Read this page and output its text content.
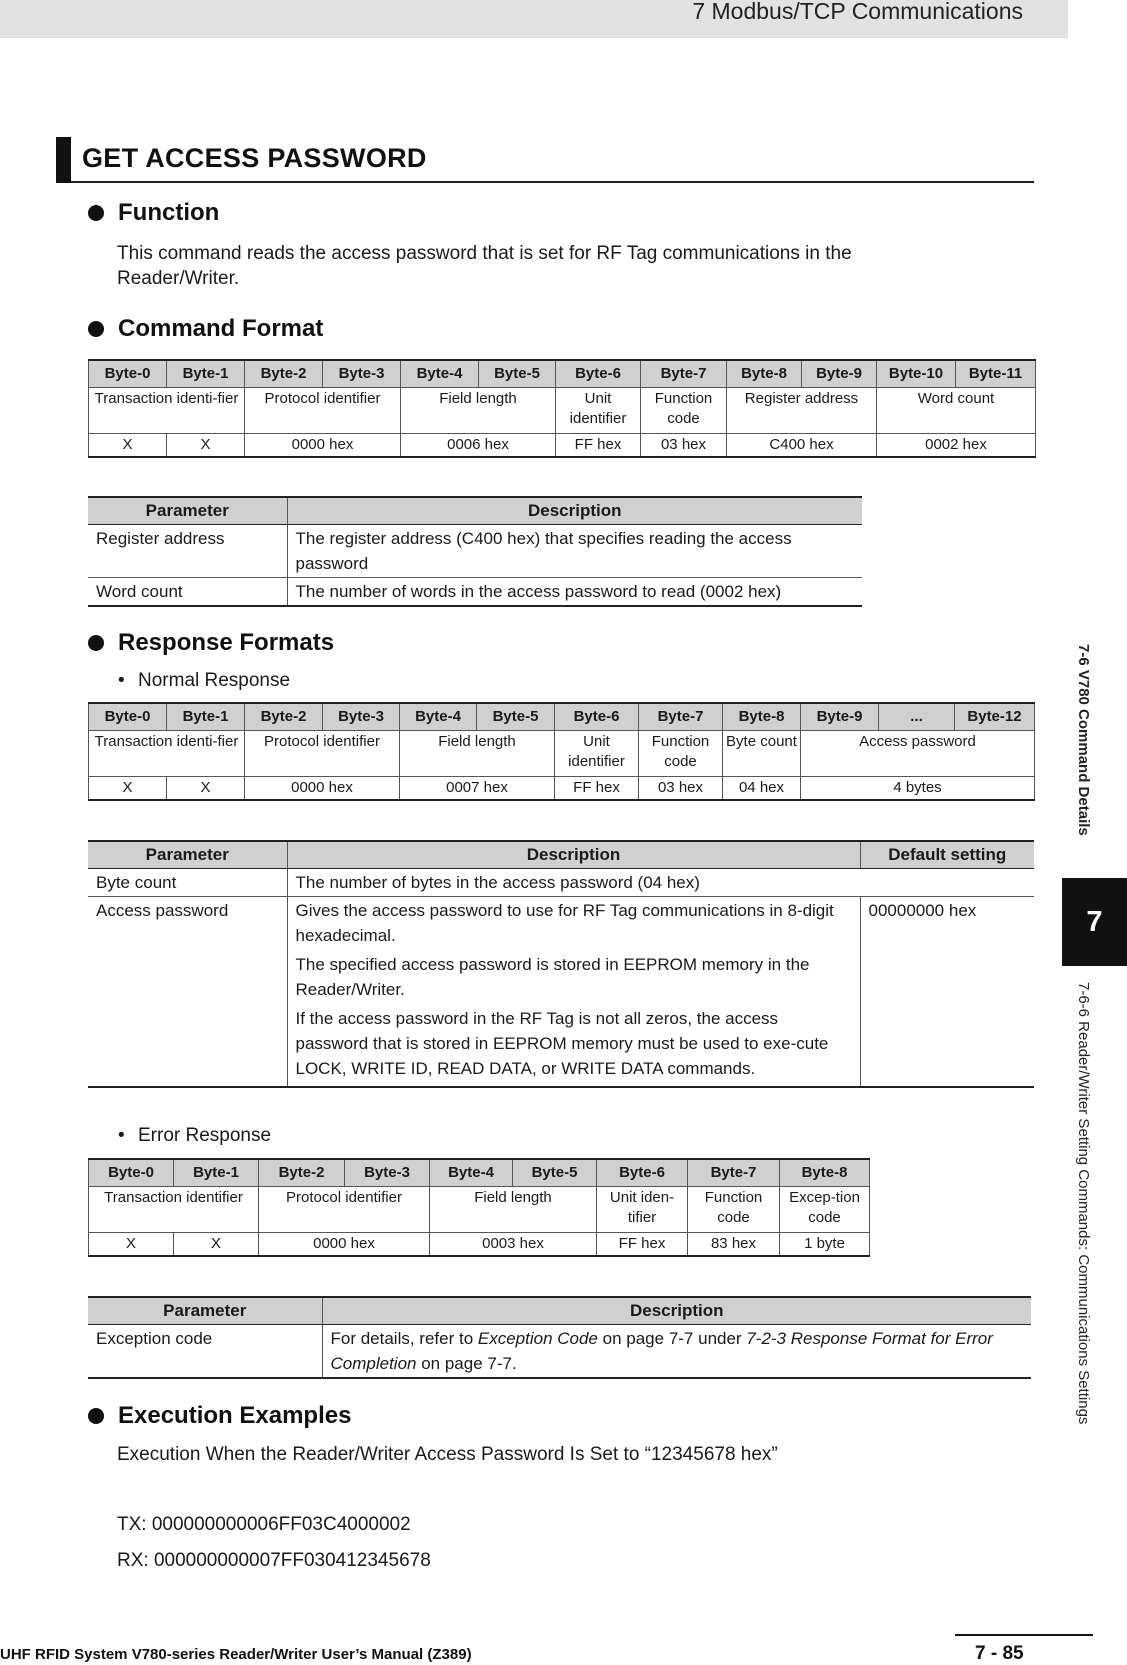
7 Modbus/TCP Communications
GET ACCESS PASSWORD
Function
This command reads the access password that is set for RF Tag communications in the
Reader/Writer.
Command Format
Byte-0	Byte-1	Byte-2	Byte-3	Byte-4	Byte-5	Byte-6	Byte-7	Byte-8	Byte-9	Byte-10	Byte-11
Transaction identi-fier		Protocol identifier		Field length		Unit identifier	Function code	Register address		Word count	
X	X	0000 hex		0006 hex		FF hex	03 hex	C400 hex		0002 hex	
Parameter	Description
Register address	The register address (C400 hex) that specifies reading the access password
Word count	The number of words in the access password to read (0002 hex)
Response Formats
• Normal Response
Byte-0	Byte-1	Byte-2	Byte-3	Byte-4	Byte-5	Byte-6	Byte-7	Byte-8	Byte-9	...	Byte-12
Transaction identi-fier		Protocol identifier		Field length		Unit identifier	Function code	Byte count	Access password		
X	X	0000 hex		0007 hex		FF hex	03 hex	04 hex	4 bytes		
Parameter	Description	Default setting
Byte count	The number of bytes in the access password (04 hex)	
Access password	Gives the access password to use for RF Tag communications in 8-digit hexadecimal.

The specified access password is stored in EEPROM memory in the Reader/Writer.

If the access password in the RF Tag is not all zeros, the access password that is stored in EEPROM memory must be used to exe-cute LOCK, WRITE ID, READ DATA, or WRITE DATA commands.	00000000 hex
• Error Response
Byte-0	Byte-1	Byte-2	Byte-3	Byte-4	Byte-5	Byte-6	Byte-7	Byte-8
Transaction identifier		Protocol identifier		Field length		Unit iden-tifier	Function code	Excep-tion code
X	X	0000 hex		0003 hex		FF hex	83 hex	1 byte
Parameter	Description
Exception code	For details, refer to Exception Code on page 7-7 under 7-2-3 Response Format for Error Completion on page 7-7.
Execution Examples
Execution When the Reader/Writer Access Password Is Set to “12345678 hex”
TX: 000000000006FF03C4000002
RX: 000000000007FF030412345678
7-6 V780 Command Details
7
7-6-6 Reader/Writer Setting Commands: Communications Settings
UHF RFID System V780-series Reader/Writer User’s Manual (Z389)	7 - 85
